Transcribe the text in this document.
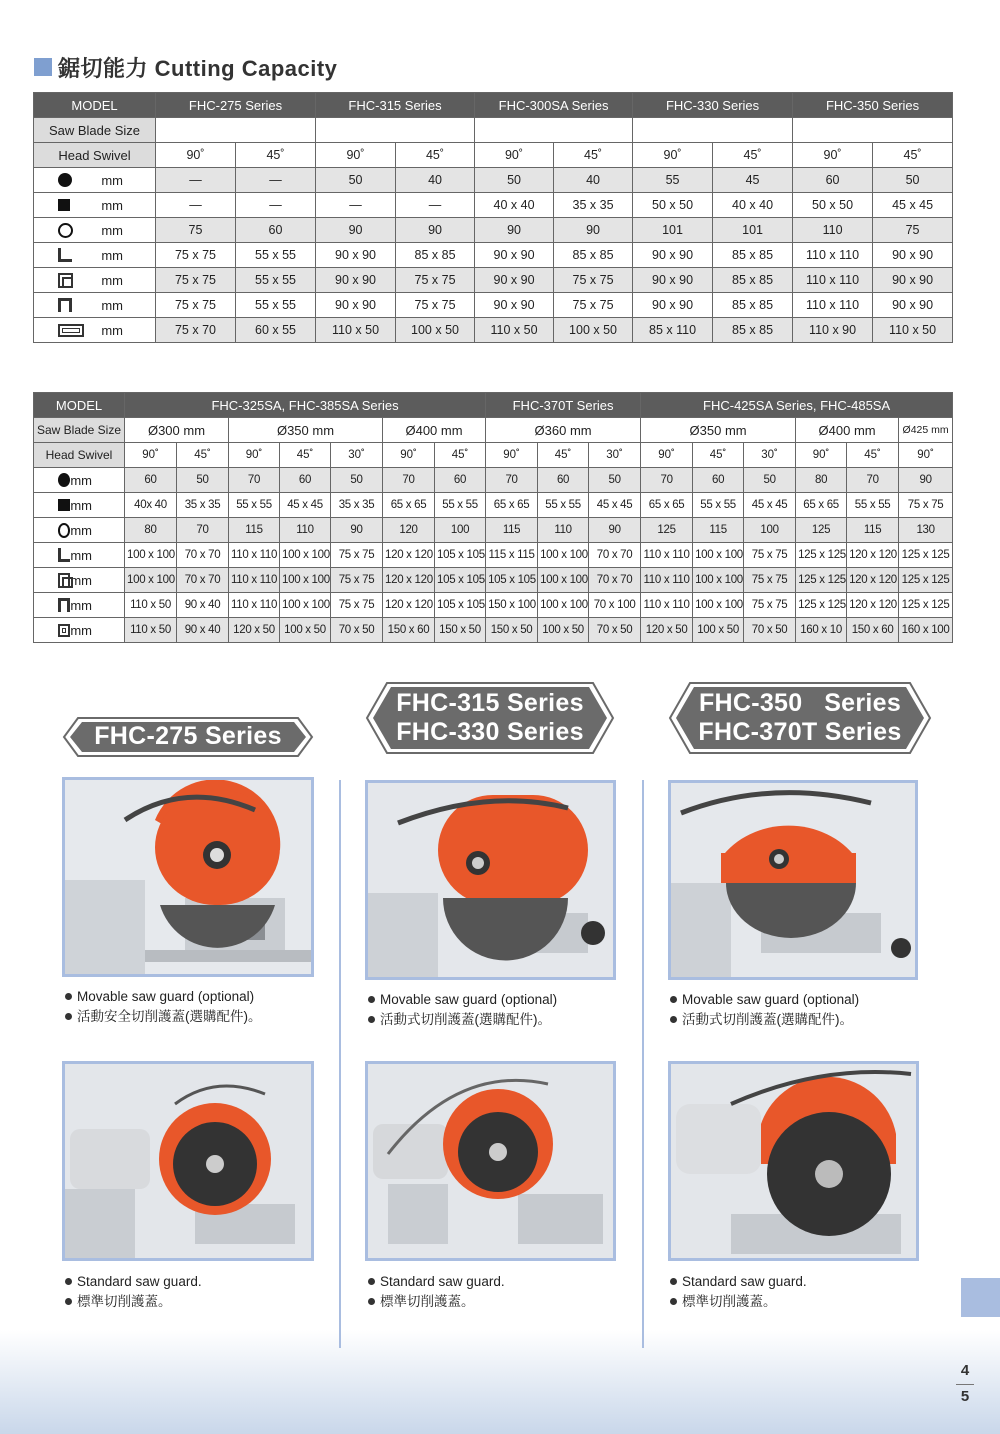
鋸切能力 Cutting Capacity
MODEL	FHC-275 Series		FHC-315 Series		FHC-300SA Series		FHC-330 Series		FHC-350 Series	
Saw Blade Size										
Head Swivel	90˚	45˚	90˚	45˚	90˚	45˚	90˚	45˚	90˚	45˚

mm	—	—	50	40	50	40	55	45	60	50

mm	—	—	—	—	40 x 40	35 x 35	50 x 50	40 x 40	50 x 50	45 x 45

mm	75	60	90	90	90	90	101	101	110	75

mm	75 x 75	55 x 55	90 x 90	85 x 85	90 x 90	85 x 85	90 x 90	85 x 85	110 x 110	90 x 90

mm	75 x 75	55 x 55	90 x 90	75 x 75	90 x 90	75 x 75	90 x 90	85 x 85	110 x 110	90 x 90

mm	75 x 75	55 x 55	90 x 90	75 x 75	90 x 90	75 x 75	90 x 90	85 x 85	110 x 110	90 x 90

mm	75 x 70	60 x 55	110 x 50	100 x 50	110 x 50	100 x 50	85 x 110	85 x 85	110 x 90	110 x 50
MODEL	FHC-325SA, FHC-385SA Series							FHC-370T Series			FHC-425SA Series, FHC-485SA					
Saw Blade Size	Ø300 mm		Ø350 mm			Ø400 mm		Ø360 mm			Ø350 mm			Ø400 mm		Ø425 mm
Head Swivel	90˚	45˚	90˚	45˚	30˚	90˚	45˚	90˚	45˚	30˚	90˚	45˚	30˚	90˚	45˚	90˚

mm	60	50	70	60	50	70	60	70	60	50	70	60	50	80	70	90

mm	40x 40	35 x 35	55 x 55	45 x 45	35 x 35	65 x 65	55 x 55	65 x 65	55 x 55	45 x 45	65 x 65	55 x 55	45 x 45	65 x 65	55 x 55	75 x 75

mm	80	70	115	110	90	120	100	115	110	90	125	115	100	125	115	130

mm	100 x 100	70 x 70	110 x 110	100 x 100	75 x 75	120 x 120	105 x 105	115 x 115	100 x 100	70 x 70	110 x 110	100 x 100	75 x 75	125 x 125	120 x 120	125 x 125

mm	100 x 100	70 x 70	110 x 110	100 x 100	75 x 75	120 x 120	105 x 105	105 x 105	100 x 100	70 x 70	110 x 110	100 x 100	75 x 75	125 x 125	120 x 120	125 x 125

mm	110 x 50	90 x 40	110 x 110	100 x 100	75 x 75	120 x 120	105 x 105	150 x 100	100 x 100	70 x 100	110 x 110	100 x 100	75 x 75	125 x 125	120 x 120	125 x 125

mm	110 x 50	90 x 40	120 x 50	100 x 50	70 x 50	150 x 60	150 x 50	150 x 50	100 x 50	70 x 50	120 x 50	100 x 50	70 x 50	160 x 10	150 x 60	160 x 100
FHC-275 Series
FHC-315 Series
FHC-330 Series
FHC-350   Series
FHC-370T Series
Movable saw guard (optional)
活動安全切削護蓋(選購配件)。
Movable saw guard (optional)
活動式切削護蓋(選購配件)。
Movable saw guard (optional)
活動式切削護蓋(選購配件)。
Standard saw guard.
標準切削護蓋。
Standard saw guard.
標準切削護蓋。
Standard saw guard.
標準切削護蓋。
4
5
